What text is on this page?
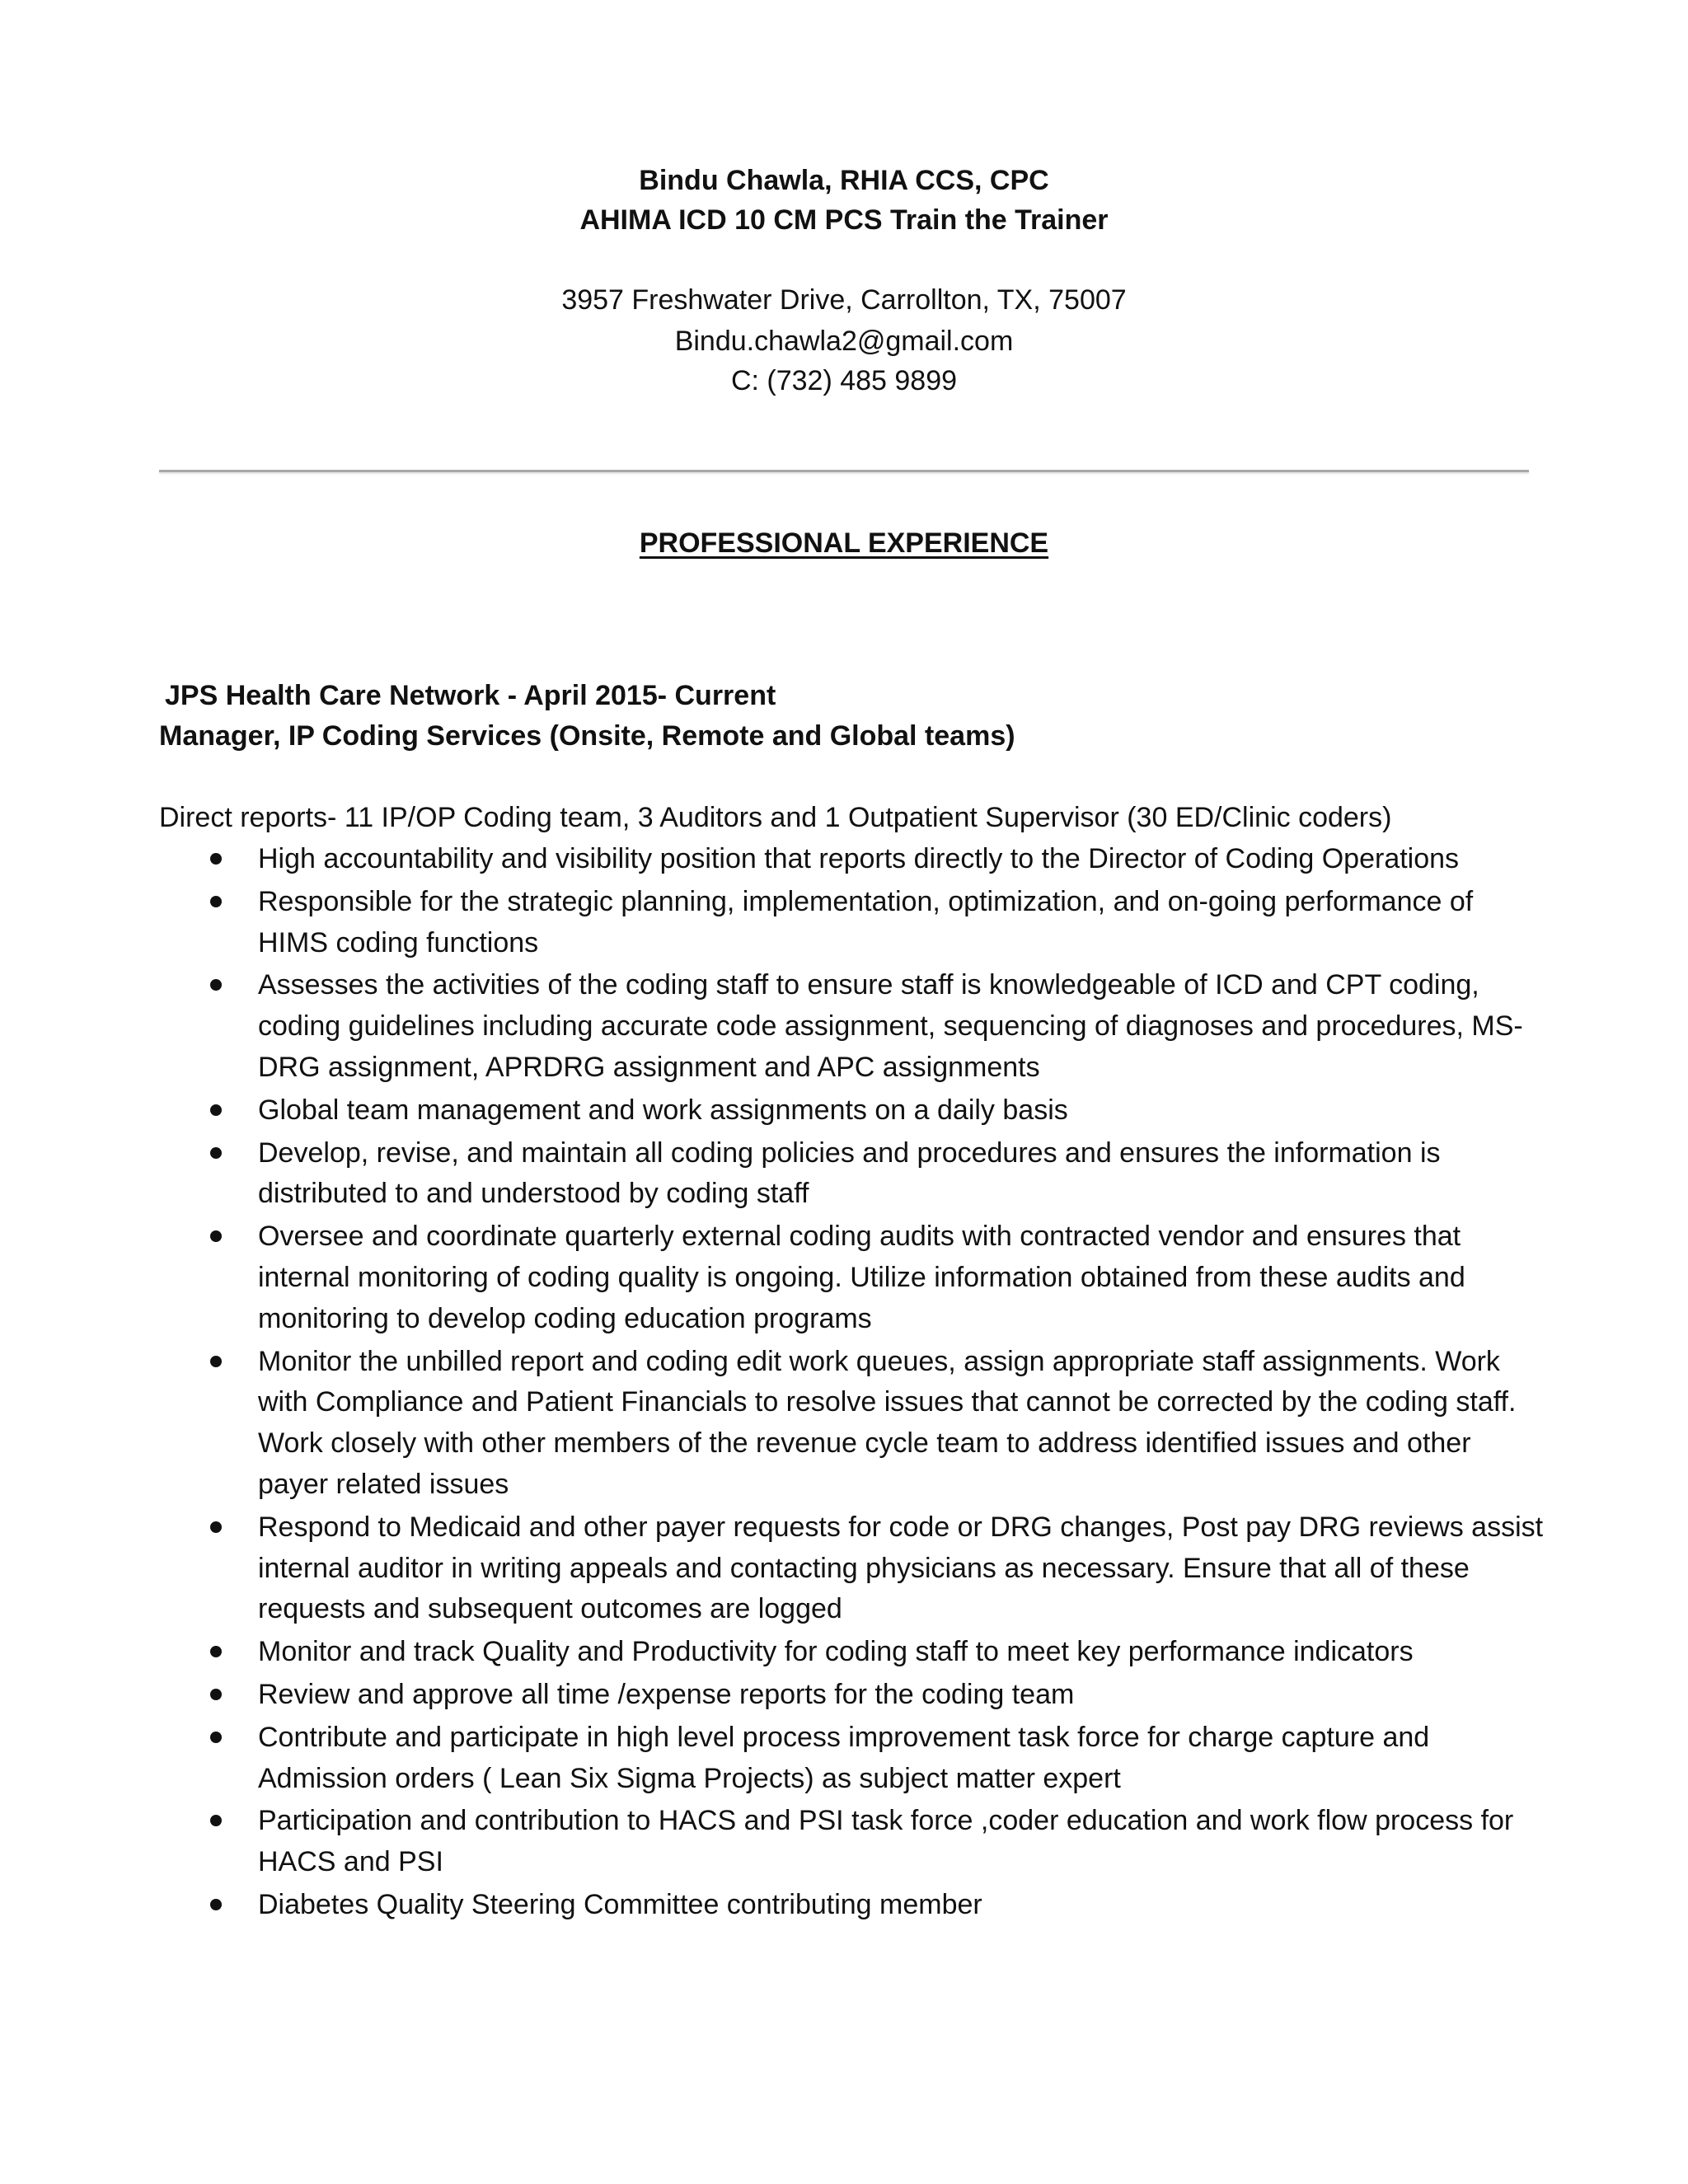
Bindu Chawla, RHIA CCS, CPC
AHIMA ICD 10 CM PCS Train the Trainer
3957 Freshwater Drive, Carrollton, TX, 75007
Bindu.chawla2@gmail.com
C: (732) 485 9899
PROFESSIONAL EXPERIENCE
JPS Health Care Network - April 2015- Current
Manager, IP Coding Services (Onsite, Remote and Global teams)
Direct reports- 11 IP/OP Coding team, 3 Auditors and 1 Outpatient Supervisor (30 ED/Clinic coders)
High accountability and visibility position that reports directly to the Director of Coding Operations
Responsible for the strategic planning, implementation, optimization, and on-going performance of HIMS coding functions
Assesses the activities of the coding staff to ensure staff is knowledgeable of ICD and CPT coding, coding guidelines including accurate code assignment, sequencing of diagnoses and procedures, MS-DRG assignment, APRDRG assignment and APC assignments
Global team management and work assignments on a daily basis
Develop, revise, and maintain all coding policies and procedures and ensures the information is distributed to and understood by coding staff
Oversee and coordinate quarterly external coding audits with contracted vendor and ensures that internal monitoring of coding quality is ongoing. Utilize information obtained from these audits and monitoring to develop coding education programs
Monitor the unbilled report and coding edit work queues, assign appropriate staff assignments. Work with Compliance and Patient Financials to resolve issues that cannot be corrected by the coding staff. Work closely with other members of the revenue cycle team to address identified issues and other payer related issues
Respond to Medicaid and other payer requests for code or DRG changes, Post pay DRG reviews assist internal auditor in writing appeals and contacting physicians as necessary. Ensure that all of these requests and subsequent outcomes are logged
Monitor and track Quality and Productivity for coding staff to meet key performance indicators
Review and approve all time /expense reports for the coding team
Contribute and participate in high level process improvement task force for charge capture and Admission orders ( Lean Six Sigma Projects) as subject matter expert
Participation and contribution to HACS and PSI task force ,coder education and work flow process for HACS and PSI
Diabetes Quality Steering Committee contributing member
